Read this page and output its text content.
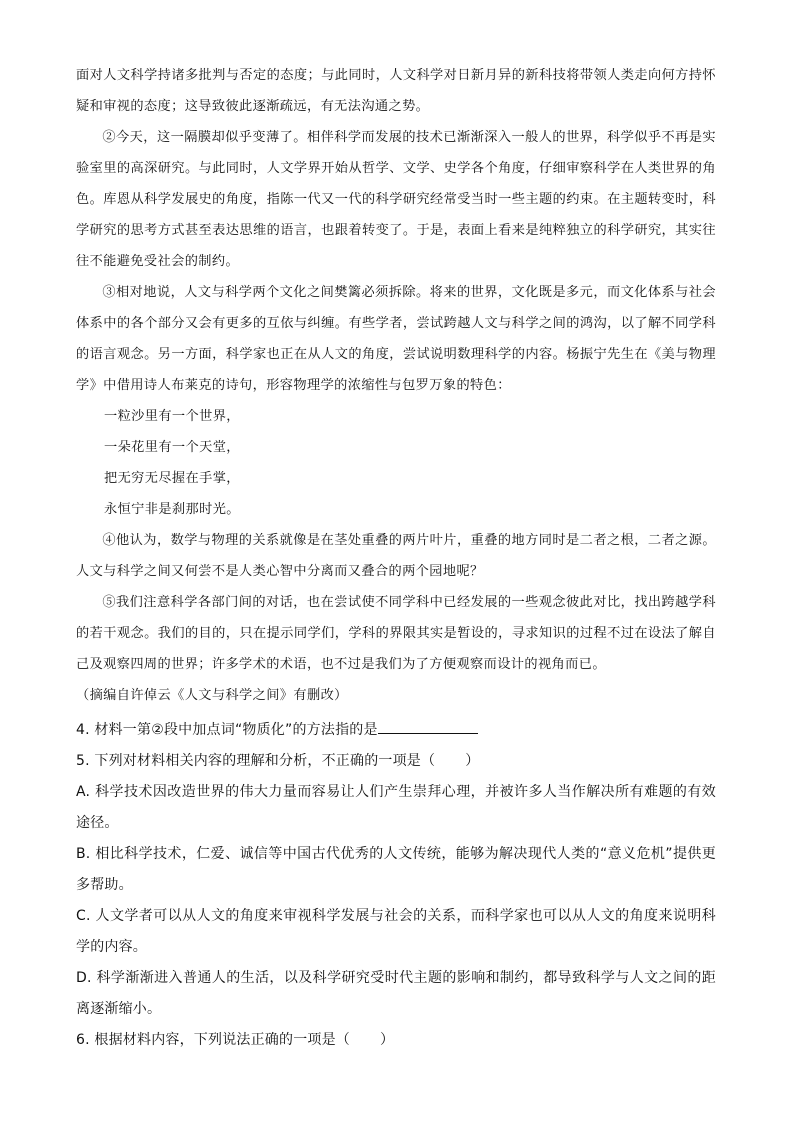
面对人文科学持诸多批判与否定的态度；与此同时，人文科学对日新月异的新科技将带领人类走向何方持怀疑和审视的态度；这导致彼此逐渐疏远，有无法沟通之势。

②今天，这一隔膜却似乎变薄了。相伴科学而发展的技术已渐渐深入一般人的世界，科学似乎不再是实验室里的高深研究。与此同时，人文学界开始从哲学、文学、史学各个角度，仔细审察科学在人类世界的角色。库恩从科学发展史的角度，指陈一代又一代的科学研究经常受当时一些主题的约束。在主题转变时，科学研究的思考方式甚至表达思维的语言，也跟着转变了。于是，表面上看来是纯粹独立的科学研究，其实往往不能避免受社会的制约。

③相对地说，人文与科学两个文化之间樊篱必须拆除。将来的世界，文化既是多元，而文化体系与社会体系中的各个部分又会有更多的互依与纠缠。有些学者，尝试跨越人文与科学之间的鸿沟，以了解不同学科的语言观念。另一方面，科学家也正在从人文的角度，尝试说明数理科学的内容。杨振宁先生在《美与物理学》中借用诗人布莱克的诗句，形容物理学的浓缩性与包罗万象的特色：

一粒沙里有一个世界，

一朵花里有一个天堂，

把无穷无尽握在手掌，

永恒宁非是刹那时光。

④他认为，数学与物理的关系就像是在茎处重叠的两片叶片，重叠的地方同时是二者之根，二者之源。人文与科学之间又何尝不是人类心智中分离而又叠合的两个园地呢？

⑤我们注意科学各部门间的对话，也在尝试使不同学科中已经发展的一些观念彼此对比，找出跨越学科的若干观念。我们的目的，只在提示同学们，学科的界限其实是暂设的，寻求知识的过程不过在设法了解自己及观察四周的世界；许多学术的术语，也不过是我们为了方便观察而设计的视角而已。

（摘编自许倬云《人文与科学之间》有删改）

4. 材料一第②段中加点词“物质化”的方法指的是

5. 下列对材料相关内容的理解和分析，不正确的一项是（ ）

A. 科学技术因改造世界的伟大力量而容易让人们产生崇拜心理，并被许多人当作解决所有难题的有效途径。

B. 相比科学技术，仁爱、诚信等中国古代优秀的人文传统，能够为解决现代人类的“意义危机”提供更多帮助。

C. 人文学者可以从人文的角度来审视科学发展与社会的关系，而科学家也可以从人文的角度来说明科学的内容。

D. 科学渐渐进入普通人的生活，以及科学研究受时代主题的影响和制约，都导致科学与人文之间的距离逐渐缩小。

6. 根据材料内容，下列说法正确的一项是（ ）
